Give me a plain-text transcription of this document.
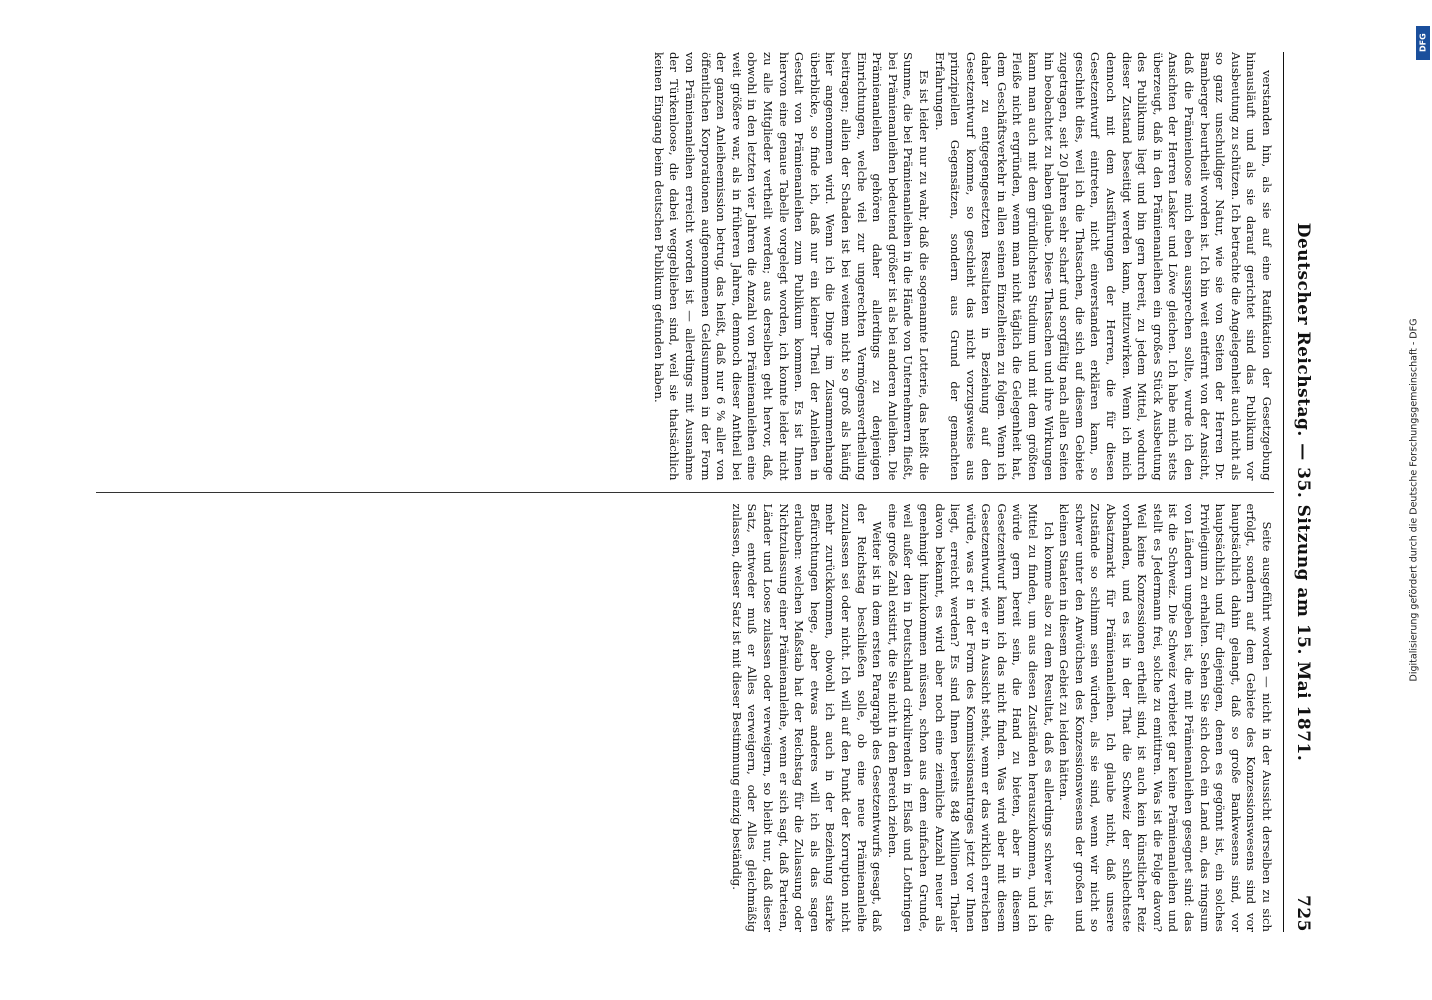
Deutscher Reichstag. — 35. Sitzung am 15. Mai 1871.
725

verstanden hin, als sie auf eine Ratifikation der Gesetzgebung hinausläuft und als sie darauf gerichtet sind das Publikum vor Ausbeutung zu schützen. Ich betrachte die Angelegenheit auch nicht als so ganz unschuldiger Natur, wie sie von Seiten der Herren Dr. Bamberger beurtheilt worden ist. Ich bin weit entfernt von der Ansicht, daß die Prämienloose mich eben aussprechen sollte, wurde ich den Ansichten der Herren Lasker und Löwe gleichen. Ich habe mich stets überzeugt, daß in den Prämienanleihen ein großes Stück Ausbeutung des Publikums liegt und bin gern bereit, zu jedem Mittel, wodurch dieser Zustand beseitigt werden kann, mitzuwirken. Wenn ich mich dennoch mit dem Ausführungen der Herren, die für diesen Gesetzentwurf eintreten, nicht einverstanden erklären kann, so geschieht dies, weil ich die Thatsachen, die sich auf diesem Gebiete zugetragen, seit 20 Jahren sehr scharf und sorgfältig nach allen Seiten hin beobachtet zu haben glaube. Diese Thatsachen und ihre Wirkungen kann man auch mit dem gründlichsten Studium und mit dem größten Fleiße nicht ergründen, wenn man nicht täglich die Gelegenheit hat, dem Geschäftsverkehr in allen seinen Einzelheiten zu folgen. Wenn ich daher zu entgegengesetzten Resultaten in Beziehung auf den Gesetzentwurf komme, so geschieht das nicht vorzugsweise aus prinzipiellen Gegensätzen, sondern aus Grund der gemachten Erfahrungen.

Es ist leider nur zu wahr, daß die sogenannte Lotterie, das heißt die Summe, die bei Prämienanleihen in die Hände von Unternehmern fließt, bei Prämienanleihen bedeutend größer ist als bei anderen Anleihen. Die Prämienanleihen gehören daher allerdings zu denjenigen Einrichtungen, welche viel zur ungerechten Vermögensvertheilung beitragen; allein der Schaden ist bei weitem nicht so groß als häufig hier angenommen wird. Wenn ich die Dinge im Zusammenhange überblicke, so finde ich, daß nur ein kleiner Theil der Anleihen in Gestalt von Prämienanleihen zum Publikum kommen. Es ist Ihnen hiervon eine genaue Tabelle vorgelegt worden, ich konnte leider nicht zu alle Mitglieder vertheilt werden; aus derselben geht hervor, daß, obwohl in den letzten vier Jahren die Anzahl von Prämienanleihen eine weit größere war, als in früheren Jahren, demnoch dieser Antheil bei der ganzen Anleiheemission betrug, das heißt, daß nur 6 % aller von öffentlichen Korporationen aufgenommenen Geldsummen in der Form von Prämienanleihen erreicht worden ist — allerdings mit Ausnahme der Türkenloose, die dabei weggeblieben sind, weil sie thatsächlich keinen Eingang beim deutschen Publikum gefunden haben.

Seite ausgeführt worden — nicht in der Aussicht derselben zu sich erfolgt, sondern auf dem Gebiete des Konzessionswesens sind vor hauptsächlich dahin gelangt, daß so große Bankwesens sind, vor hauptsächlich und für diejenigen, denen es gegönnt ist, ein solches Privilegium zu erhalten. Sehen Sie sich doch ein Land an, das ringsum von Ländern umgeben ist, die mit Prämienanleihen gesegnet sind: das ist die Schweiz. Die Schweiz verbietet gar keine Prämienanleihen und stellt es Jedermann frei, solche zu emittiren. Was ist die Folge davon? Weil keine Konzessionen ertheilt sind, ist auch kein künstlicher Reiz vorhanden, und es ist in der That die Schweiz der schlechteste Absatzmarkt für Prämienanleihen. Ich glaube nicht, daß unsere Zustände so schlimm sein würden, als sie sind, wenn wir nicht so schwer unter den Anwüchsen des Konzessionswesens der großen und kleinen Staaten in diesem Gebiet zu leiden hätten.

Ich komme also zu dem Resultat, daß es allerdings schwer ist, die Mittel zu finden, um aus diesen Zuständen herauszukommen, und ich würde gern bereit sein, die Hand zu bieten, aber in diesem Gesetzentwurf kann ich das nicht finden. Was wird aber mit diesem Gesetzentwurf, wie er in Aussicht steht, wenn er das wirklich erreichen würde, was er in der Form des Kommissionsantrages jetzt vor Ihnen liegt, erreicht werden? Es sind Ihnen bereits 848 Millionen Thaler davon bekannt, es wird aber noch eine ziemliche Anzahl neuer als genehmigt hinzukommen müssen, schon aus dem einfachen Grunde, weil außer den in Deutschland cirkulirenden in Elsaß und Lothringen eine große Zahl existirt, die Sie nicht in den Bereich ziehen.

Weiter ist in dem ersten Paragraph des Gesetzentwurfs gesagt, daß der Reichstag beschließen solle, ob eine neue Prämienanleihe zuzulassen sei oder nicht. Ich will auf den Punkt der Korruption nicht mehr zurückkommen, obwohl ich auch in der Beziehung starke Befürchtungen hege, aber etwas anderes will ich als das sagen erlauben: welchen Maßstab hat der Reichstag für die Zulassung oder Nichtzulassung einer Prämienanleihe, wenn er sich sagt, daß Parteien, Länder und Loose zulassen oder verweigern, so bleibt nur, daß dieser Satz, entweder muß er Alles verweigern, oder Alles gleichmäßig zulassen, dieser Satz ist mit dieser Bestimmung einzig beständig.

DFG
Digitalisierung gefördert durch die Deutsche Forschungsgemeinschaft - DFG
